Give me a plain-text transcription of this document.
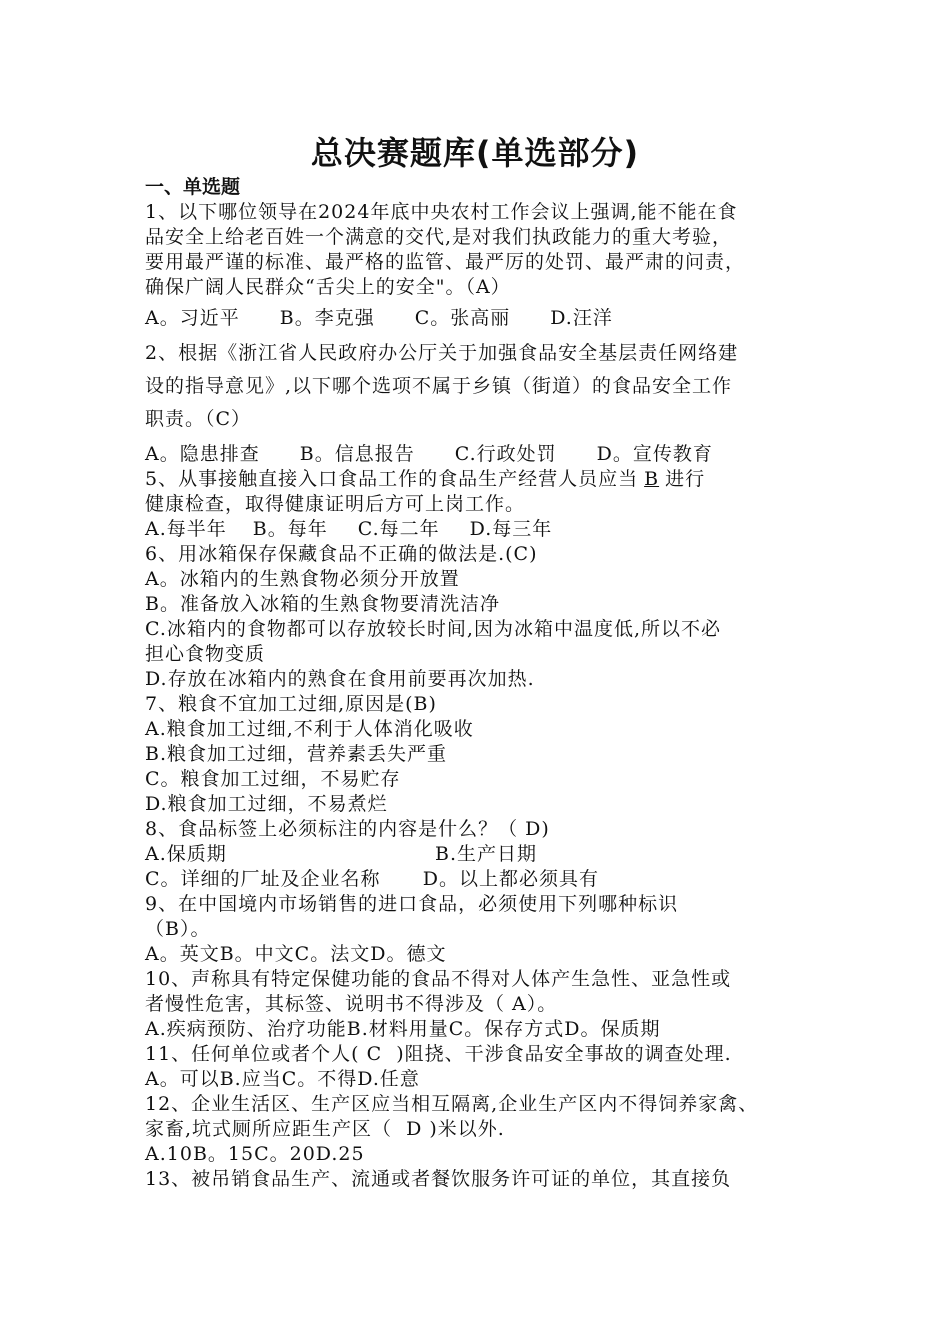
总决赛题库(单选部分)

一、单选题

1、以下哪位领导在2024年底中央农村工作会议上强调,能不能在食

品安全上给老百姓一个满意的交代,是对我们执政能力的重大考验，

要用最严谨的标准、最严格的监管、最严厉的处罚、最严肃的问责，

确保广阔人民群众“舌尖上的安全"。（A）

A。习近平 B。李克强 C。张高丽 D.汪洋

2、根据《浙江省人民政府办公厅关于加强食品安全基层责任网络建

设的指导意见》,以下哪个选项不属于乡镇（街道）的食品安全工作

职责。（C）

A。隐患排查 B。信息报告 C.行政处罚 D。宣传教育

5、从事接触直接入口食品工作的食品生产经营人员应当 B 进行

健康检查，取得健康证明后方可上岗工作。

A.每半年 B。每年 C.每二年 D.每三年

6、用冰箱保存保藏食品不正确的做法是.(C)

A。冰箱内的生熟食物必须分开放置

B。准备放入冰箱的生熟食物要清洗洁净

C.冰箱内的食物都可以存放较长时间,因为冰箱中温度低,所以不必

担心食物变质

D.存放在冰箱内的熟食在食用前要再次加热.

7、粮食不宜加工过细,原因是(B)

A.粮食加工过细,不利于人体消化吸收

B.粮食加工过细，营养素丢失严重

C。粮食加工过细，不易贮存

D.粮食加工过细，不易煮烂

8、食品标签上必须标注的内容是什么？（ D)

A.保质期	B.生产日期

C。详细的厂址及企业名称      D。以上都必须具有

9、在中国境内市场销售的进口食品，必须使用下列哪种标识

（B）。

A。英文B。中文C。法文D。德文

10、声称具有特定保健功能的食品不得对人体产生急性、亚急性或

者慢性危害，其标签、说明书不得涉及（ A）。

A.疾病预防、治疗功能B.材料用量C。保存方式D。保质期

11、任何单位或者个人( C  )阻挠、干涉食品安全事故的调查处理.

A。可以B.应当C。不得D.任意

12、企业生活区、生产区应当相互隔离,企业生产区内不得饲养家禽、

家畜,坑式厕所应距生产区（  D )米以外.

A.10B。15C。20D.25

13、被吊销食品生产、流通或者餐饮服务许可证的单位，其直接负
